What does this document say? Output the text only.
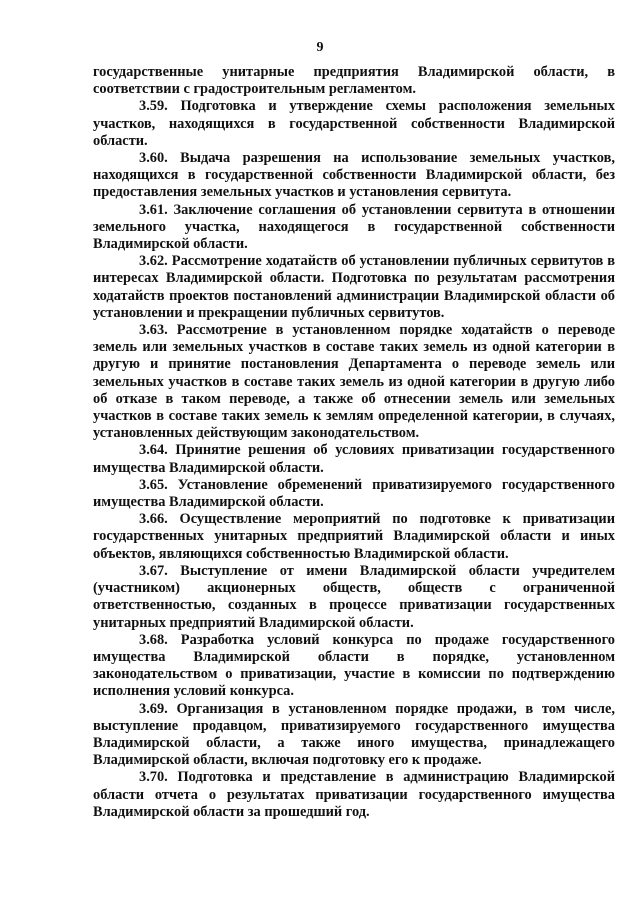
9

государственные унитарные предприятия Владимирской области, в соответствии с градостроительным регламентом.

3.59. Подготовка и утверждение схемы расположения земельных участков, находящихся в государственной собственности Владимирской области.

3.60. Выдача разрешения на использование земельных участков, находящихся в государственной собственности Владимирской области, без предоставления земельных участков и установления сервитута.

3.61. Заключение соглашения об установлении сервитута в отношении земельного участка, находящегося в государственной собственности Владимирской области.

3.62. Рассмотрение ходатайств об установлении публичных сервитутов в интересах Владимирской области. Подготовка по результатам рассмотрения ходатайств проектов постановлений администрации Владимирской области об установлении и прекращении публичных сервитутов.

3.63. Рассмотрение в установленном порядке ходатайств о переводе земель или земельных участков в составе таких земель из одной категории в другую и принятие постановления Департамента о переводе земель или земельных участков в составе таких земель из одной категории в другую либо об отказе в таком переводе, а также об отнесении земель или земельных участков в составе таких земель к землям определенной категории, в случаях, установленных действующим законодательством.

3.64. Принятие решения об условиях приватизации государственного имущества Владимирской области.

3.65. Установление обременений приватизируемого государственного имущества Владимирской области.

3.66. Осуществление мероприятий по подготовке к приватизации государственных унитарных предприятий Владимирской области и иных объектов, являющихся собственностью Владимирской области.

3.67. Выступление от имени Владимирской области учредителем (участником) акционерных обществ, обществ с ограниченной ответственностью, созданных в процессе приватизации государственных унитарных предприятий Владимирской области.

3.68. Разработка условий конкурса по продаже государственного имущества Владимирской области в порядке, установленном законодательством о приватизации, участие в комиссии по подтверждению исполнения условий конкурса.

3.69. Организация в установленном порядке продажи, в том числе, выступление продавцом, приватизируемого государственного имущества Владимирской области, а также иного имущества, принадлежащего Владимирской области, включая подготовку его к продаже.

3.70. Подготовка и представление в администрацию Владимирской области отчета о результатах приватизации государственного имущества Владимирской области за прошедший год.
